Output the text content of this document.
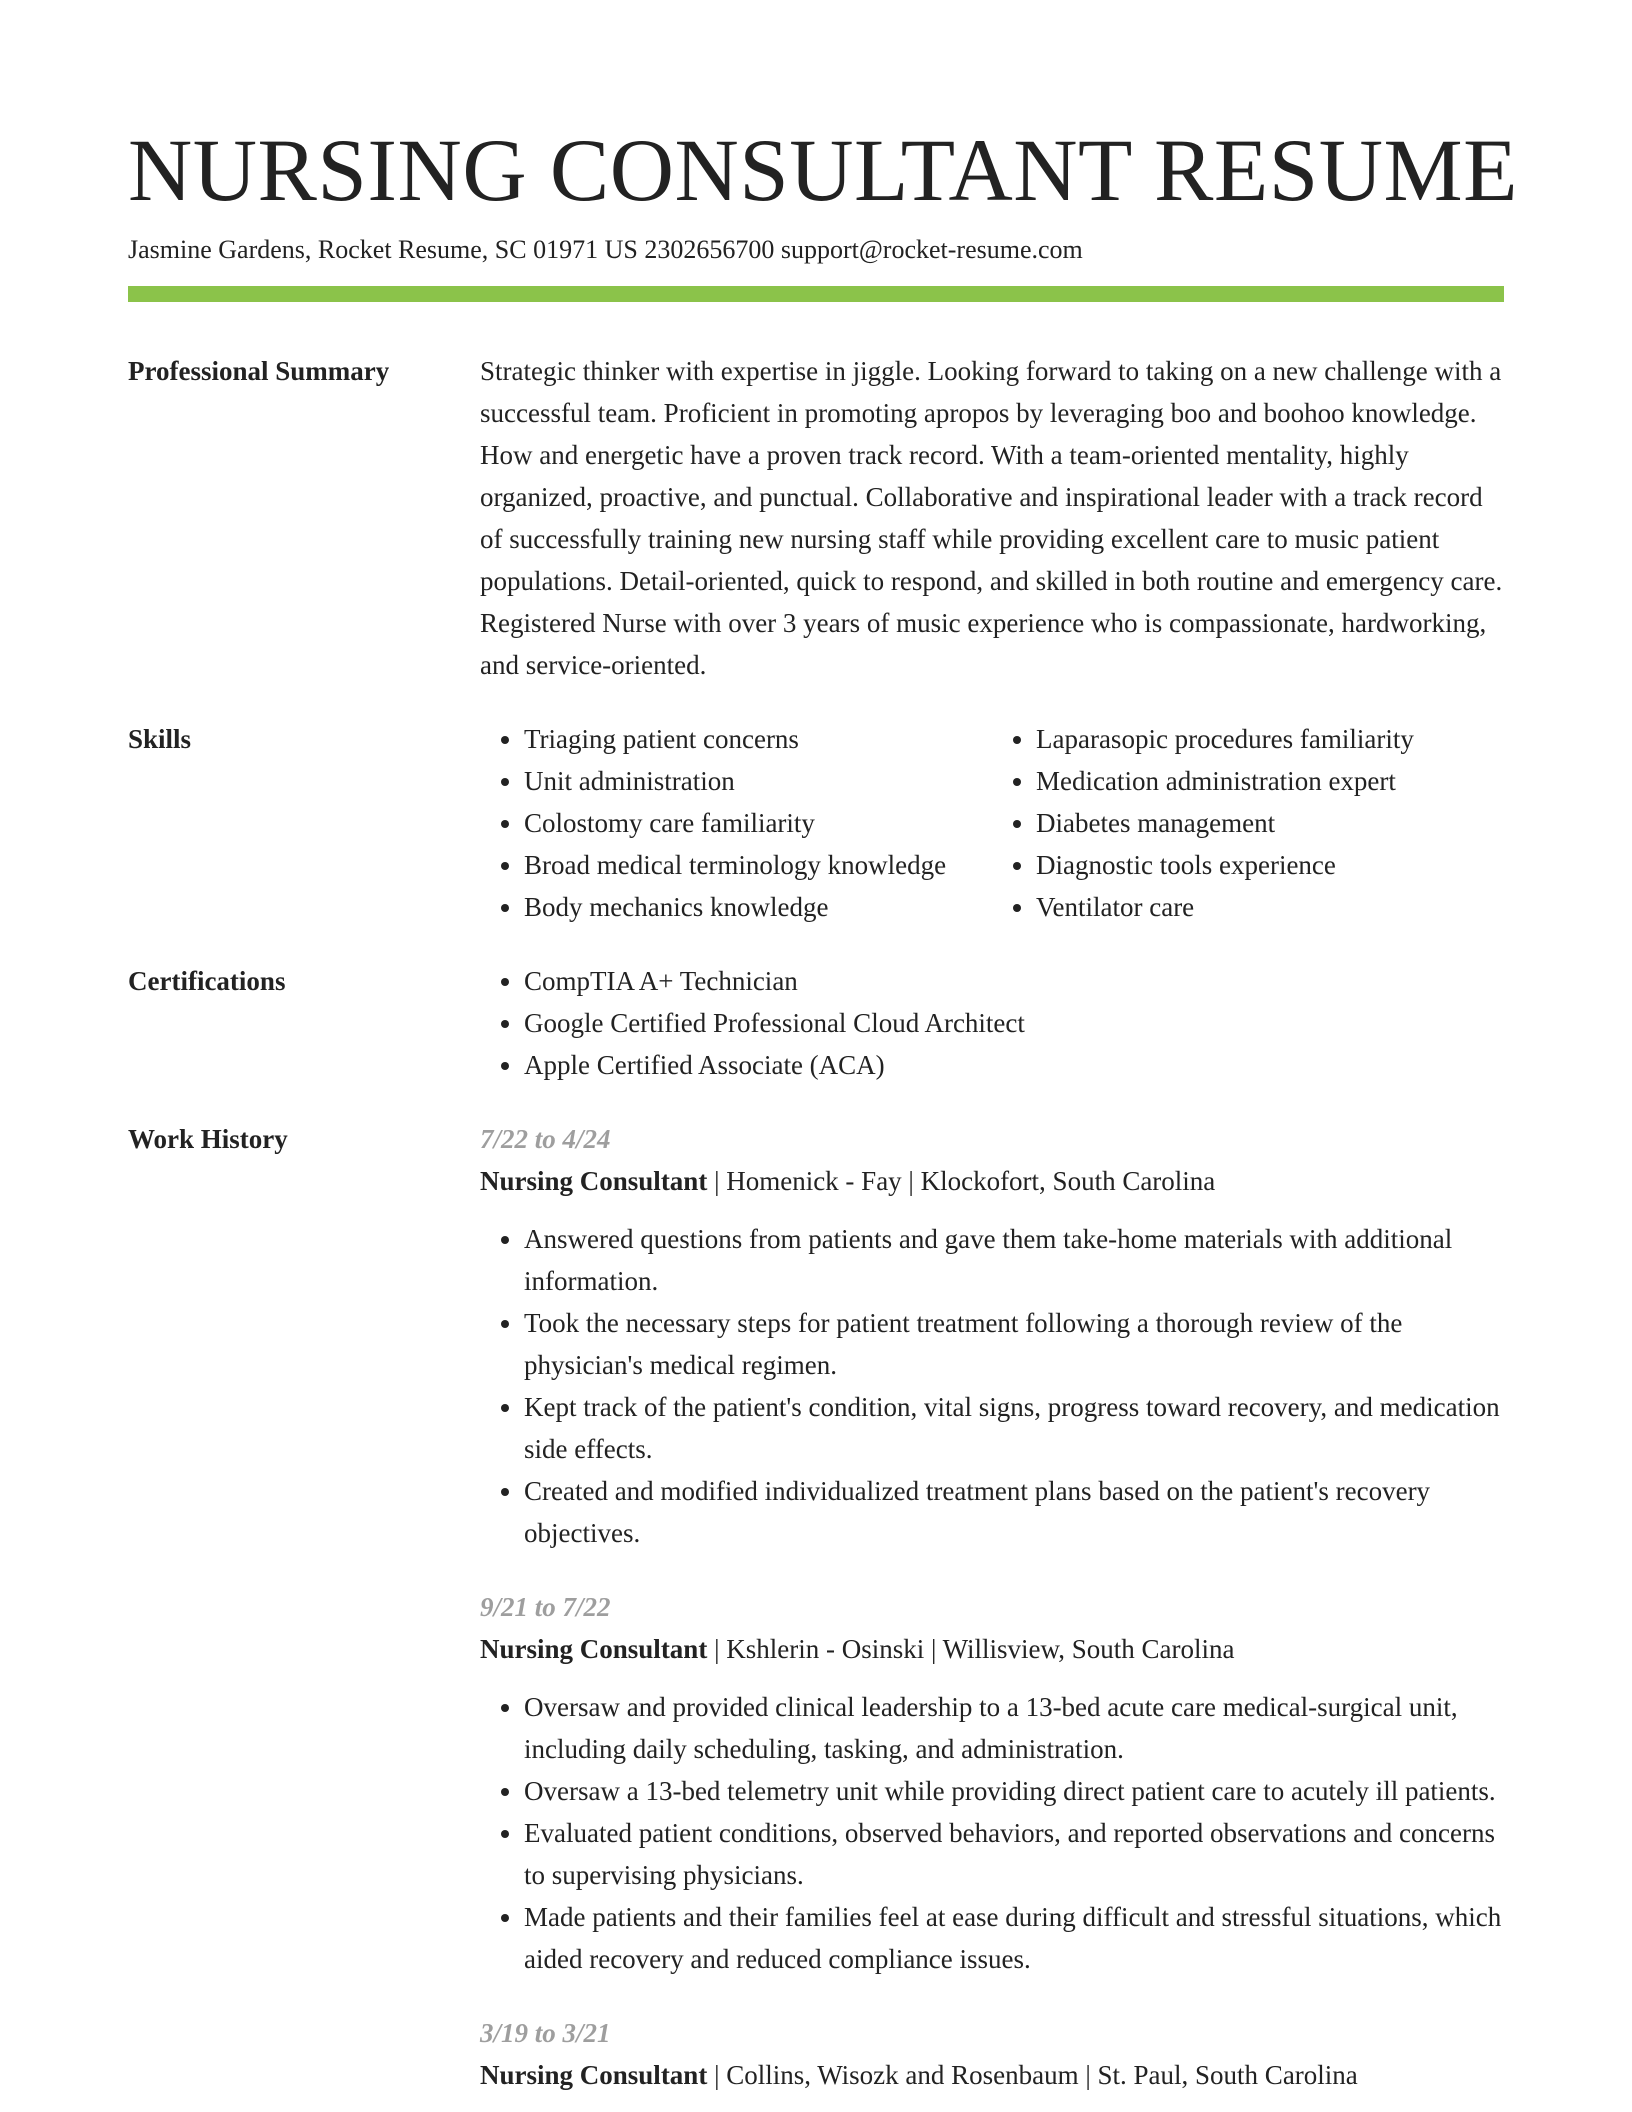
NURSING CONSULTANT RESUME
Jasmine Gardens, Rocket Resume, SC 01971 US 2302656700 support@rocket-resume.com
Professional Summary	Strategic thinker with expertise in jiggle. Looking forward to taking on a new challenge with a successful team. Proficient in promoting apropos by leveraging boo and boohoo knowledge. How and energetic have a proven track record. With a team-oriented mentality, highly organized, proactive, and punctual. Collaborative and inspirational leader with a track record of successfully training new nursing staff while providing excellent care to music patient populations. Detail-oriented, quick to respond, and skilled in both routine and emergency care. Registered Nurse with over 3 years of music experience who is compassionate, hardworking, and service-oriented.

Skills	• Triaging patient concerns
• Unit administration
• Colostomy care familiarity
• Broad medical terminology knowledge
• Body mechanics knowledge
• Laparasopic procedures familiarity
• Medication administration expert
• Diabetes management
• Diagnostic tools experience
• Ventilator care
Certifications	• CompTIA A+ Technician
• Google Certified Professional Cloud Architect
• Apple Certified Associate (ACA)
Work History	7/22 to 4/24
Nursing Consultant | Homenick - Fay | Klockofort, South Carolina
• Answered questions from patients and gave them take-home materials with additional information.
• Took the necessary steps for patient treatment following a thorough review of the physician's medical regimen.
• Kept track of the patient's condition, vital signs, progress toward recovery, and medication side effects.
• Created and modified individualized treatment plans based on the patient's recovery objectives.
9/21 to 7/22
Nursing Consultant | Kshlerin - Osinski | Willisview, South Carolina
• Oversaw and provided clinical leadership to a 13-bed acute care medical-surgical unit, including daily scheduling, tasking, and administration.
• Oversaw a 13-bed telemetry unit while providing direct patient care to acutely ill patients.
• Evaluated patient conditions, observed behaviors, and reported observations and concerns to supervising physicians.
• Made patients and their families feel at ease during difficult and stressful situations, which aided recovery and reduced compliance issues.
3/19 to 3/21
Nursing Consultant | Collins, Wisozk and Rosenbaum | St. Paul, South Carolina
